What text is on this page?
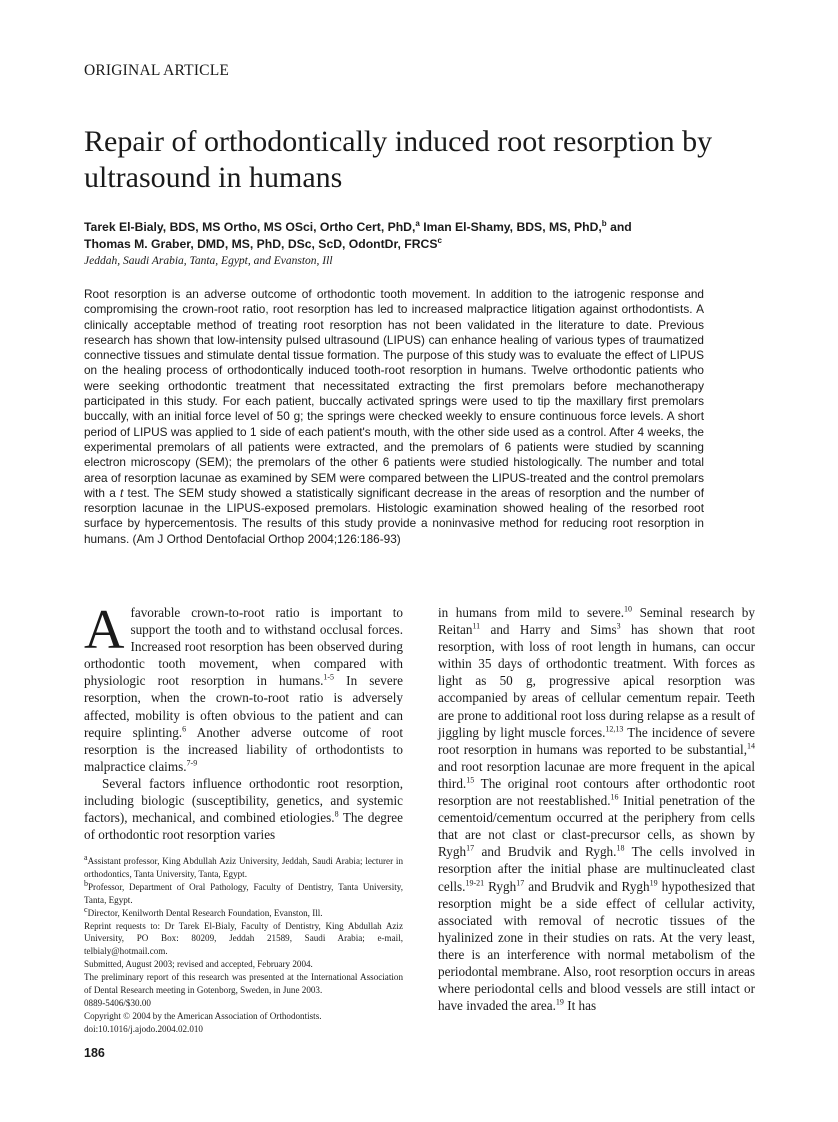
ORIGINAL ARTICLE
Repair of orthodontically induced root resorption by ultrasound in humans
Tarek El-Bialy, BDS, MS Ortho, MS OSci, Ortho Cert, PhD,$^a$ Iman El-Shamy, BDS, MS, PhD,$^b$ and
Thomas M. Graber, DMD, MS, PhD, DSc, ScD, OdontDr, FRCS$^c$
Jeddah, Saudi Arabia, Tanta, Egypt, and Evanston, Ill

Root resorption is an adverse outcome of orthodontic tooth movement. In addition to the iatrogenic response and compromising the crown-root ratio, root resorption has led to increased malpractice litigation against orthodontists. A clinically acceptable method of treating root resorption has not been validated in the literature to date. Previous research has shown that low-intensity pulsed ultrasound (LIPUS) can enhance healing of various types of traumatized connective tissues and stimulate dental tissue formation. The purpose of this study was to evaluate the effect of LIPUS on the healing process of orthodontically induced tooth-root resorption in humans. Twelve orthodontic patients who were seeking orthodontic treatment that necessitated extracting the first premolars before mechanotherapy participated in this study. For each patient, buccally activated springs were used to tip the maxillary first premolars buccally, with an initial force level of 50 g; the springs were checked weekly to ensure continuous force levels. A short period of LIPUS was applied to 1 side of each patient's mouth, with the other side used as a control. After 4 weeks, the experimental premolars of all patients were extracted, and the premolars of 6 patients were studied by scanning electron microscopy (SEM); the premolars of the other 6 patients were studied histologically. The number and total area of resorption lacunae as examined by SEM were compared between the LIPUS-treated and the control premolars with a t test. The SEM study showed a statistically significant decrease in the areas of resorption and the number of resorption lacunae in the LIPUS-exposed premolars. Histologic examination showed healing of the resorbed root surface by hypercementosis. The results of this study provide a noninvasive method for reducing root resorption in humans. (Am J Orthod Dentofacial Orthop 2004;126:186-93)

Afavorable crown-to-root ratio is important to support the tooth and to withstand occlusal forces. Increased root resorption has been observed during orthodontic tooth movement, when compared with physiologic root resorption in humans.$^{1-5}$ In severe resorption, when the crown-to-root ratio is adversely affected, mobility is often obvious to the patient and can require splinting.$^6$ Another adverse outcome of root resorption is the increased liability of orthodontists to malpractice claims.$^{7-9}$

Several factors influence orthodontic root resorption, including biologic (susceptibility, genetics, and systemic factors), mechanical, and combined etiologies.$^8$ The degree of orthodontic root resorption varies

in humans from mild to severe.$^{10}$ Seminal research by Reitan$^{11}$ and Harry and Sims$^3$ has shown that root resorption, with loss of root length in humans, can occur within 35 days of orthodontic treatment. With forces as light as 50 g, progressive apical resorption was accompanied by areas of cellular cementum repair. Teeth are prone to additional root loss during relapse as a result of jiggling by light muscle forces.$^{12,13}$ The incidence of severe root resorption in humans was reported to be substantial,$^{14}$ and root resorption lacunae are more frequent in the apical third.$^{15}$ The original root contours after orthodontic root resorption are not reestablished.$^{16}$ Initial penetration of the cementoid/cementum occurred at the periphery from cells that are not clast or clast-precursor cells, as shown by Rygh$^{17}$ and Brudvik and Rygh.$^{18}$ The cells involved in resorption after the initial phase are multinucleated clast cells.$^{19-21}$ Rygh$^{17}$ and Brudvik and Rygh$^{19}$ hypothesized that resorption might be a side effect of cellular activity, associated with removal of necrotic tissues of the hyalinized zone in their studies on rats. At the very least, there is an interference with normal metabolism of the periodontal membrane. Also, root resorption occurs in areas where periodontal cells and blood vessels are still intact or have invaded the area.$^{19}$ It has

$^a$Assistant professor, King Abdullah Aziz University, Jeddah, Saudi Arabia; lecturer in orthodontics, Tanta University, Tanta, Egypt.
$^b$Professor, Department of Oral Pathology, Faculty of Dentistry, Tanta University, Tanta, Egypt.
$^c$Director, Kenilworth Dental Research Foundation, Evanston, Ill.
Reprint requests to: Dr Tarek El-Bialy, Faculty of Dentistry, King Abdullah Aziz University, PO Box: 80209, Jeddah 21589, Saudi Arabia; e-mail, telbialy@hotmail.com.
Submitted, August 2003; revised and accepted, February 2004.
The preliminary report of this research was presented at the International Association of Dental Research meeting in Gotenborg, Sweden, in June 2003.
0889-5406/$30.00
Copyright © 2004 by the American Association of Orthodontists.
doi:10.1016/j.ajodo.2004.02.010
186
